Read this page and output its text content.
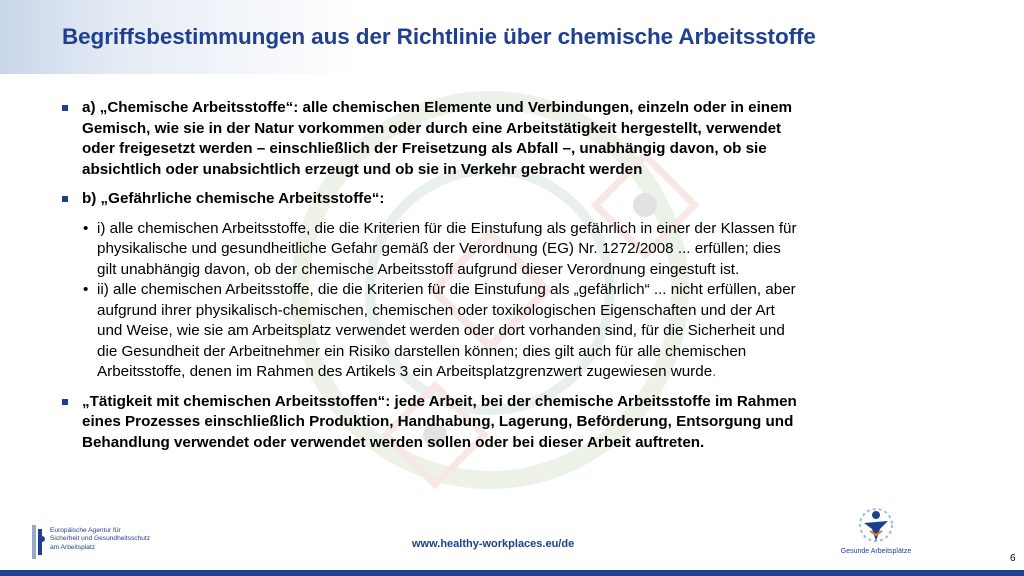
Begriffsbestimmungen aus der Richtlinie über chemische Arbeitsstoffe
a) „Chemische Arbeitsstoffe“: alle chemischen Elemente und Verbindungen, einzeln oder in einem
Gemisch, wie sie in der Natur vorkommen oder durch eine Arbeitstätigkeit hergestellt, verwendet
oder freigesetzt werden – einschließlich der Freisetzung als Abfall –, unabhängig davon, ob sie
absichtlich oder unabsichtlich erzeugt und ob sie in Verkehr gebracht werden
b) „Gefährliche chemische Arbeitsstoffe“:
• i) alle chemischen Arbeitsstoffe, die die Kriterien für die Einstufung als gefährlich in einer der Klassen für
physikalische und gesundheitliche Gefahr gemäß der Verordnung (EG) Nr. 1272/2008 ... erfüllen; dies
gilt unabhängig davon, ob der chemische Arbeitsstoff aufgrund dieser Verordnung eingestuft ist.
• ii) alle chemischen Arbeitsstoffe, die die Kriterien für die Einstufung als „gefährlich“ ... nicht erfüllen, aber
aufgrund ihrer physikalisch-chemischen, chemischen oder toxikologischen Eigenschaften und der Art
und Weise, wie sie am Arbeitsplatz verwendet werden oder dort vorhanden sind, für die Sicherheit und
die Gesundheit der Arbeitnehmer ein Risiko darstellen können; dies gilt auch für alle chemischen
Arbeitsstoffe, denen im Rahmen des Artikels 3 ein Arbeitsplatzgrenzwert zugewiesen wurde.
„Tätigkeit mit chemischen Arbeitsstoffen“: jede Arbeit, bei der chemische Arbeitsstoffe im Rahmen
eines Prozesses einschließlich Produktion, Handhabung, Lagerung, Beförderung, Entsorgung und
Behandlung verwendet oder verwendet werden sollen oder bei dieser Arbeit auftreten.
Europäische Agentur für
Sicherheit und Gesundheitsschutz
am Arbeitsplatz	www.healthy-workplaces.eu/de
Gesunde Arbeitsplätze
6
